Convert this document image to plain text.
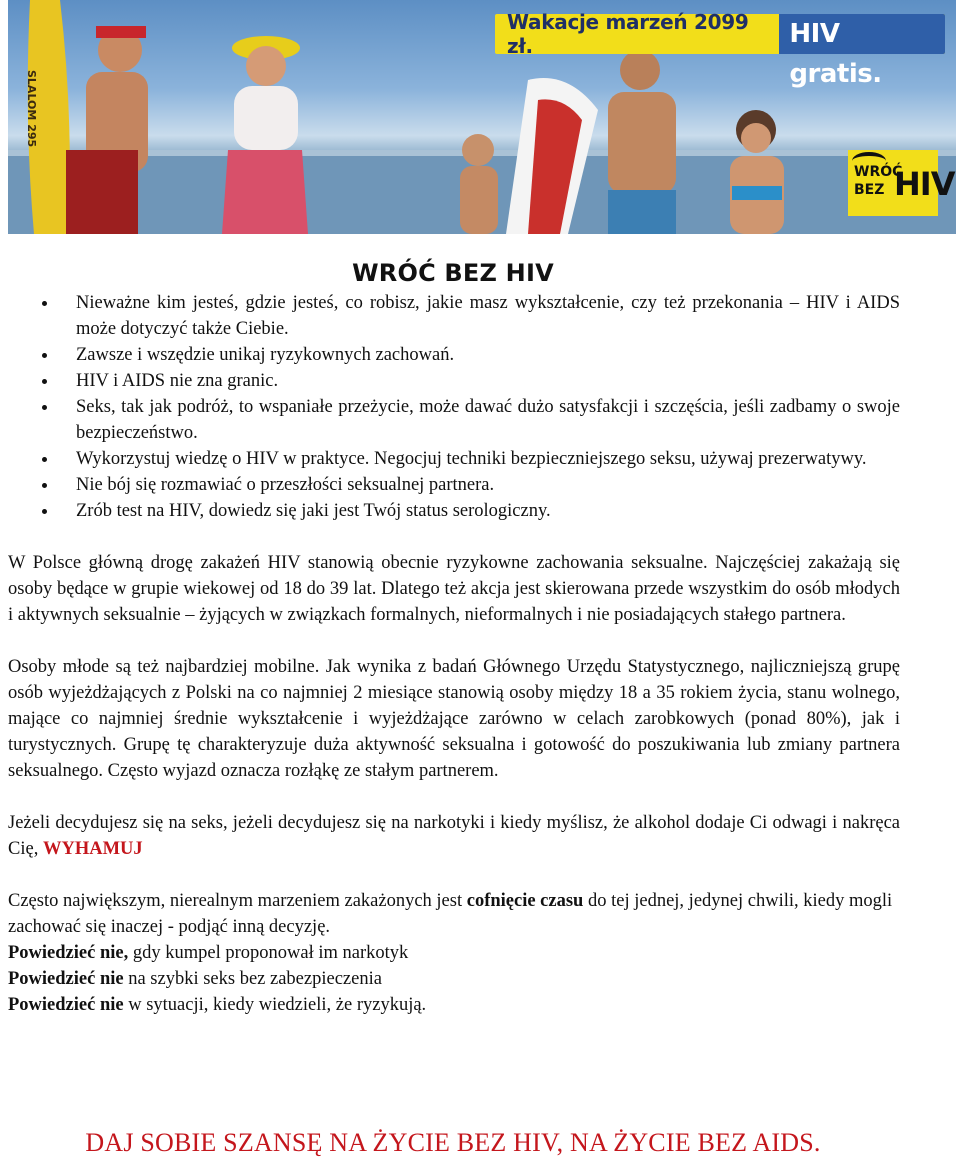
Wakacje marzeń 2099 zł.	HIV gratis.
WRÓĆ
BEZ HIV
SLALOM 295
WRÓĆ BEZ HIV
Nieważne kim jesteś, gdzie jesteś, co robisz, jakie masz wykształcenie, czy też przekonania – HIV i AIDS może dotyczyć także Ciebie.
Zawsze i wszędzie unikaj ryzykownych zachowań.
HIV i AIDS nie zna granic.
Seks, tak jak podróż, to wspaniałe przeżycie, może dawać dużo satysfakcji i szczęścia, jeśli zadbamy o swoje bezpieczeństwo.
Wykorzystuj wiedzę o HIV w praktyce. Negocjuj techniki bezpieczniejszego seksu, używaj prezerwatywy.
Nie bój się rozmawiać o przeszłości seksualnej partnera.
Zrób test na HIV, dowiedz się jaki jest Twój status serologiczny.

W Polsce główną drogę zakażeń HIV stanowią obecnie ryzykowne zachowania seksualne. Najczęściej zakażają się osoby będące w grupie wiekowej od 18 do 39 lat. Dlatego też akcja jest skierowana przede wszystkim do osób młodych i aktywnych seksualnie – żyjących w związkach formalnych, nieformalnych i nie posiadających stałego partnera.

Osoby młode są też najbardziej mobilne. Jak wynika z badań Głównego Urzędu Statystycznego, najliczniejszą grupę osób wyjeżdżających z Polski na co najmniej 2 miesiące stanowią osoby między 18 a 35 rokiem życia, stanu wolnego, mające co najmniej średnie wykształcenie i wyjeżdżające zarówno w celach zarobkowych (ponad 80%), jak i turystycznych. Grupę tę charakteryzuje duża aktywność seksualna i gotowość do poszukiwania lub zmiany partnera seksualnego. Często wyjazd oznacza rozłąkę ze stałym partnerem.

Jeżeli decydujesz się na seks, jeżeli decydujesz się na narkotyki i kiedy myślisz, że alkohol dodaje Ci odwagi i nakręca Cię, WYHAMUJ

Często największym, nierealnym marzeniem zakażonych jest cofnięcie czasu do tej jednej, jedynej chwili, kiedy mogli zachować się inaczej - podjąć inną decyzję.

Powiedzieć nie, gdy kumpel proponował im narkotyk

Powiedzieć nie na szybki seks bez zabezpieczenia

Powiedzieć nie w sytuacji, kiedy wiedzieli, że ryzykują.

DAJ SOBIE SZANSĘ NA ŻYCIE BEZ HIV, NA ŻYCIE BEZ AIDS.
